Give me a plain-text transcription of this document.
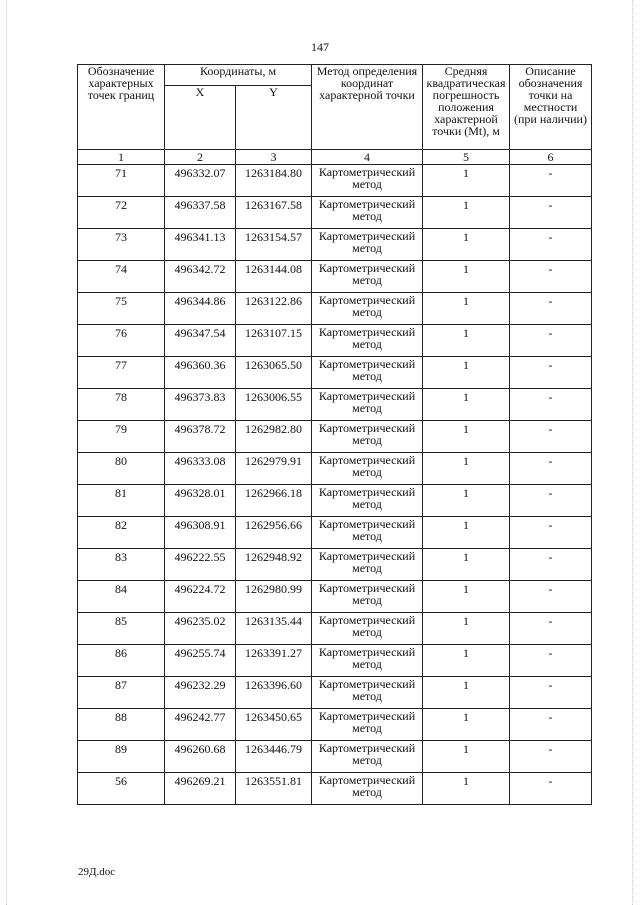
147
Обозначение характерных точек границ	Координаты, м		Метод определения координат характерной точки	Средняя квадратическая погрешность положения характерной точки (Mt), м	Описание обозначения точки на местности (при наличии)
	X	Y			
1	2	3	4	5	6
71	496332.07	1263184.80	Картометрический метод	1	-
72	496337.58	1263167.58	Картометрический метод	1	-
73	496341.13	1263154.57	Картометрический метод	1	-
74	496342.72	1263144.08	Картометрический метод	1	-
75	496344.86	1263122.86	Картометрический метод	1	-
76	496347.54	1263107.15	Картометрический метод	1	-
77	496360.36	1263065.50	Картометрический метод	1	-
78	496373.83	1263006.55	Картометрический метод	1	-
79	496378.72	1262982.80	Картометрический метод	1	-
80	496333.08	1262979.91	Картометрический метод	1	-
81	496328.01	1262966.18	Картометрический метод	1	-
82	496308.91	1262956.66	Картометрический метод	1	-
83	496222.55	1262948.92	Картометрический метод	1	-
84	496224.72	1262980.99	Картометрический метод	1	-
85	496235.02	1263135.44	Картометрический метод	1	-
86	496255.74	1263391.27	Картометрический метод	1	-
87	496232.29	1263396.60	Картометрический метод	1	-
88	496242.77	1263450.65	Картометрический метод	1	-
89	496260.68	1263446.79	Картометрический метод	1	-
56	496269.21	1263551.81	Картометрический метод	1	-
29Д.doc
